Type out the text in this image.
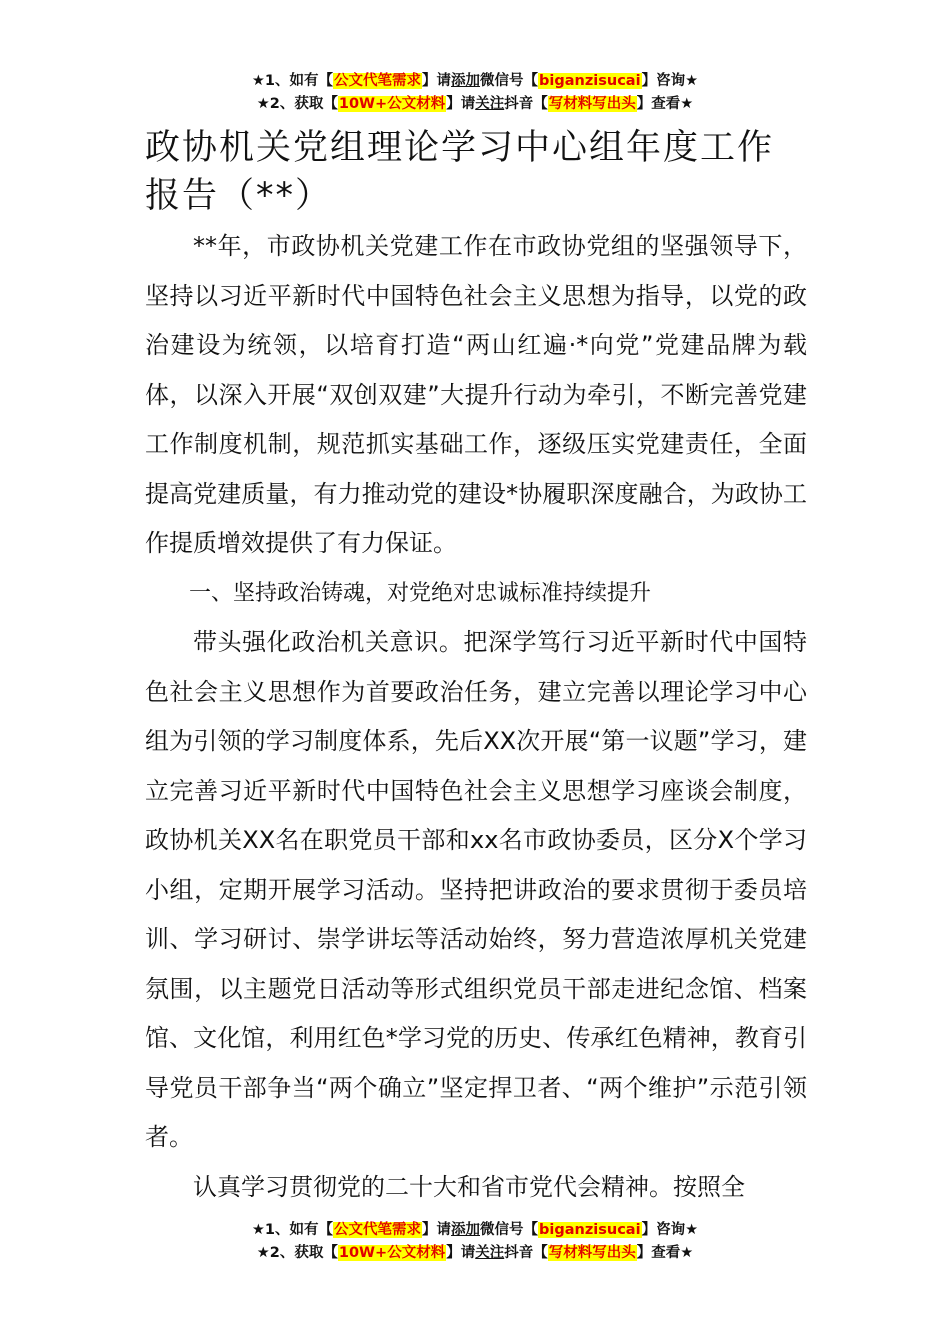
★1、如有【公文代笔需求】请添加微信号【biganzisucai】咨询★
★2、获取【10W+公文材料】请关注抖音【写材料写出头】查看★
政协机关党组理论学习中心组年度工作报告（**）

**年，市政协机关党建工作在市政协党组的坚强领导下，坚持以习近平新时代中国特色社会主义思想为指导，以党的政治建设为统领，以培育打造“两山红遍·*向党”党建品牌为载体，以深入开展“双创双建”大提升行动为牵引，不断完善党建工作制度机制，规范抓实基础工作，逐级压实党建责任，全面提高党建质量，有力推动党的建设*协履职深度融合，为政协工作提质增效提供了有力保证。

一、坚持政治铸魂，对党绝对忠诚标准持续提升

带头强化政治机关意识。把深学笃行习近平新时代中国特色社会主义思想作为首要政治任务，建立完善以理论学习中心组为引领的学习制度体系，先后XX次开展“第一议题”学习，建立完善习近平新时代中国特色社会主义思想学习座谈会制度，政协机关XX名在职党员干部和xx名市政协委员，区分X个学习小组，定期开展学习活动。坚持把讲政治的要求贯彻于委员培训、学习研讨、崇学讲坛等活动始终，努力营造浓厚机关党建氛围，以主题党日活动等形式组织党员干部走进纪念馆、档案馆、文化馆，利用红色*学习党的历史、传承红色精神，教育引导党员干部争当“两个确立”坚定捍卫者、“两个维护”示范引领者。

认真学习贯彻党的二十大和省市党代会精神。按照全

★1、如有【公文代笔需求】请添加微信号【biganzisucai】咨询★
★2、获取【10W+公文材料】请关注抖音【写材料写出头】查看★
